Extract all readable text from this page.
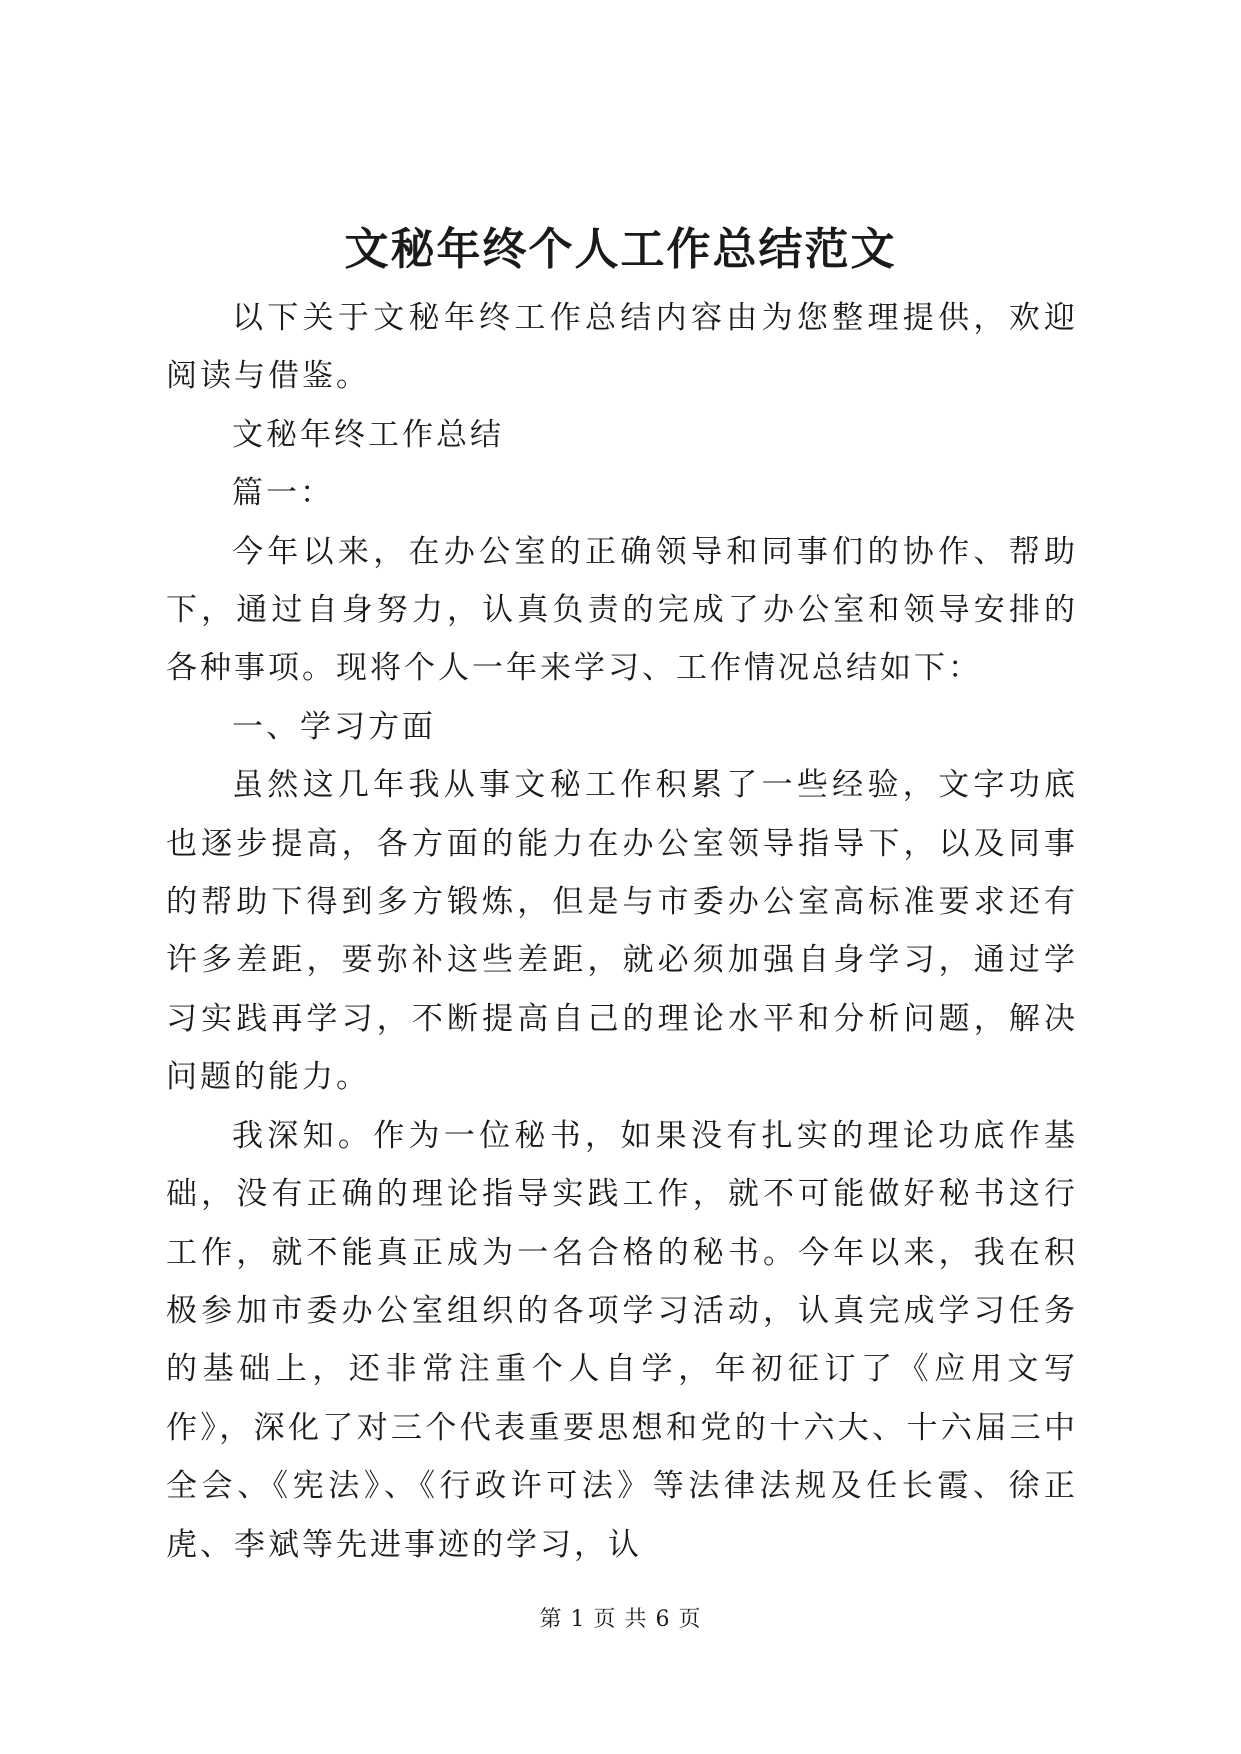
文秘年终个人工作总结范文

以下关于文秘年终工作总结内容由为您整理提供，欢迎阅读与借鉴。

文秘年终工作总结

篇一：

今年以来，在办公室的正确领导和同事们的协作、帮助下，通过自身努力，认真负责的完成了办公室和领导安排的各种事项。现将个人一年来学习、工作情况总结如下：

一、学习方面

虽然这几年我从事文秘工作积累了一些经验，文字功底也逐步提高，各方面的能力在办公室领导指导下，以及同事的帮助下得到多方锻炼，但是与市委办公室高标准要求还有许多差距，要弥补这些差距，就必须加强自身学习，通过学习实践再学习，不断提高自己的理论水平和分析问题，解决问题的能力。

我深知。作为一位秘书，如果没有扎实的理论功底作基础，没有正确的理论指导实践工作，就不可能做好秘书这行工作，就不能真正成为一名合格的秘书。今年以来，我在积极参加市委办公室组织的各项学习活动，认真完成学习任务的基础上，还非常注重个人自学，年初征订了《应用文写作》，深化了对三个代表重要思想和党的十六大、十六届三中全会、《宪法》、《行政许可法》等法律法规及任长霞、徐正虎、李斌等先进事迹的学习，认

第 1 页 共 6 页
